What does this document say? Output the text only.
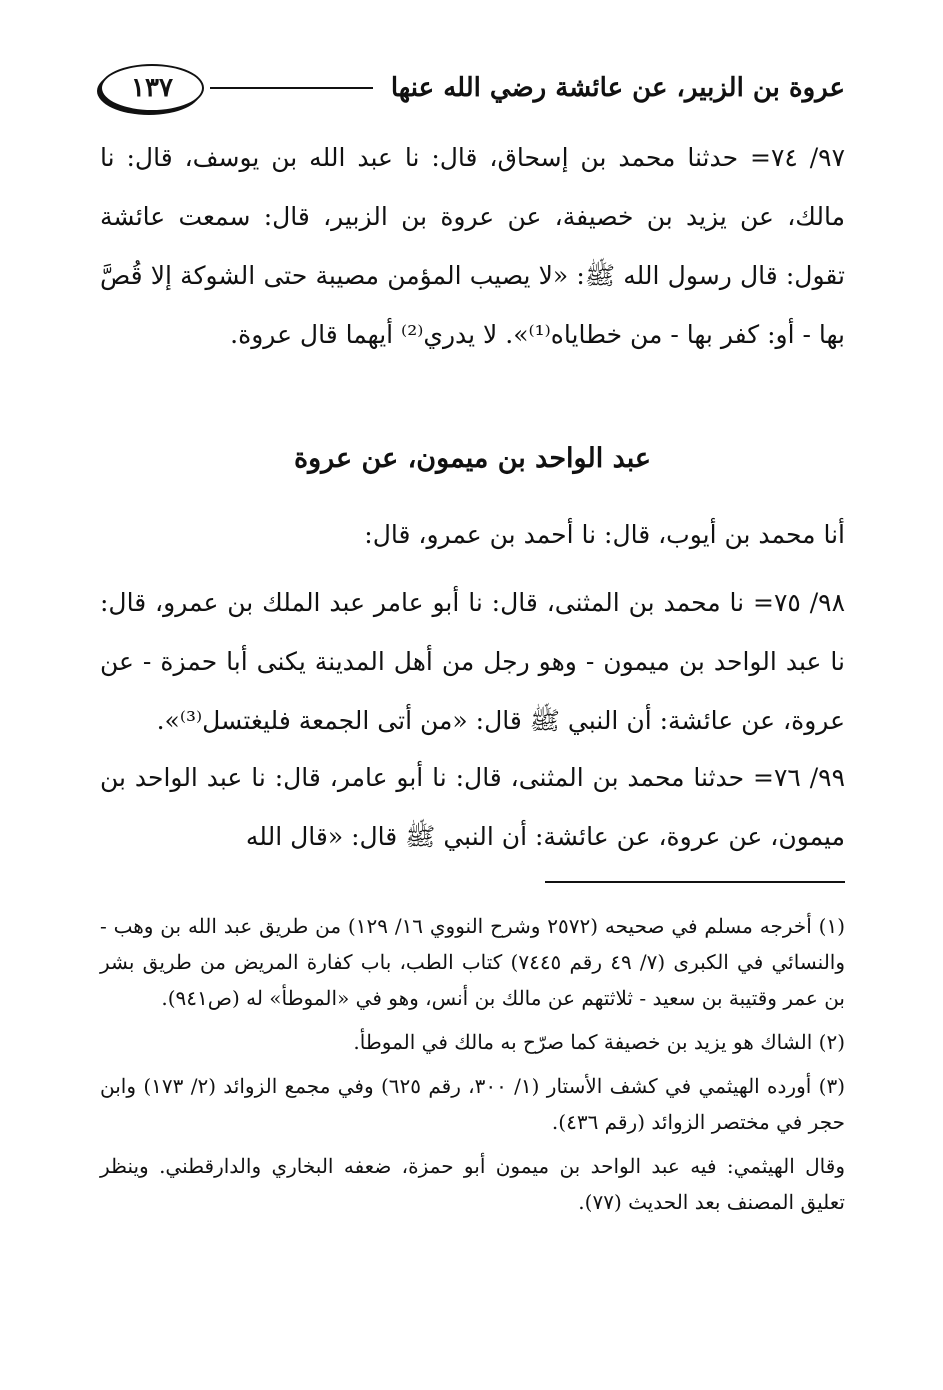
عروة بن الزبير، عن عائشة رضي الله عنها
١٣٧
٩٧/ ٧٤= حدثنا محمد بن إسحاق، قال: نا عبد الله بن يوسف، قال: نا مالك، عن يزيد بن خصيفة، عن عروة بن الزبير، قال: سمعت عائشة تقول: قال رسول الله ﷺ: «لا يصيب المؤمن مصيبة حتى الشوكة إلا قُصَّ بها - أو: كفر بها - من خطاياه⁽¹⁾». لا يدري⁽²⁾ أيهما قال عروة.
عبد الواحد بن ميمون، عن عروة
أنا محمد بن أيوب، قال: نا أحمد بن عمرو، قال:
٩٨/ ٧٥= نا محمد بن المثنى، قال: نا أبو عامر عبد الملك بن عمرو، قال: نا عبد الواحد بن ميمون - وهو رجل من أهل المدينة يكنى أبا حمزة - عن عروة، عن عائشة: أن النبي ﷺ قال: «من أتى الجمعة فليغتسل⁽³⁾».
٩٩/ ٧٦= حدثنا محمد بن المثنى، قال: نا أبو عامر، قال: نا عبد الواحد بن ميمون، عن عروة، عن عائشة: أن النبي ﷺ قال: «قال الله

(١) أخرجه مسلم في صحيحه (٢٥٧٢ وشرح النووي ١٦/ ١٢٩) من طريق عبد الله بن وهب - والنسائي في الكبرى (٧/ ٤٩ رقم ٧٤٤٥) كتاب الطب، باب كفارة المريض من طريق بشر بن عمر وقتيبة بن سعيد - ثلاثتهم عن مالك بن أنس، وهو في «الموطأ» له (ص٩٤١).

(٢) الشاك هو يزيد بن خصيفة كما صرّح به مالك في الموطأ.

(٣) أورده الهيثمي في كشف الأستار (١/ ٣٠٠، رقم ٦٢٥) وفي مجمع الزوائد (٢/ ١٧٣) وابن حجر في مختصر الزوائد (رقم ٤٣٦).

وقال الهيثمي: فيه عبد الواحد بن ميمون أبو حمزة، ضعفه البخاري والدارقطني. وينظر تعليق المصنف بعد الحديث (٧٧).
